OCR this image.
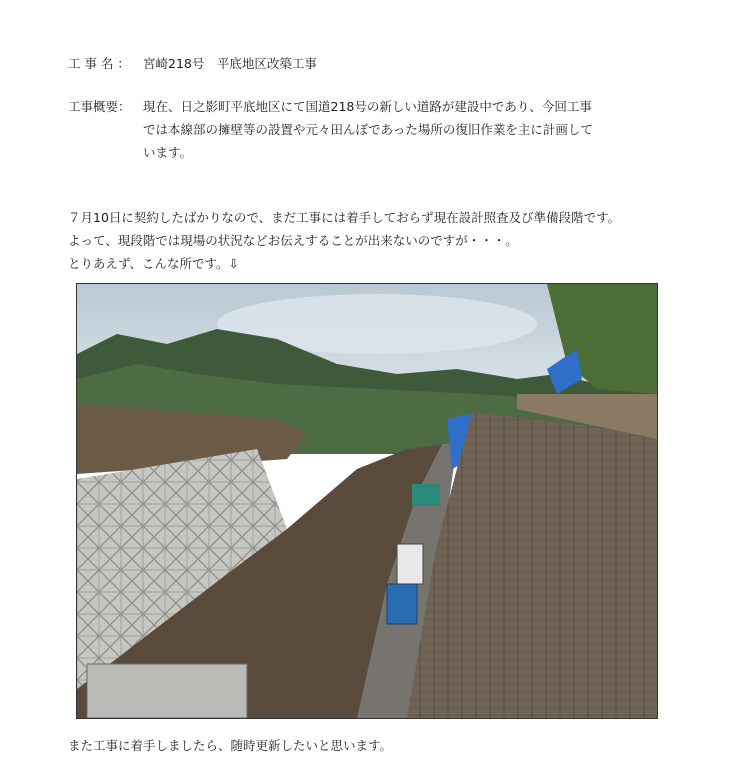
工 事 名 ： 宮崎218号　平底地区改築工事
工事概要： 現在、日之影町平底地区にて国道218号の新しい道路が建設中であり、今回工事
では本線部の擁壁等の設置や元々田んぼであった場所の復旧作業を主に計画して
います。
７月10日に契約したばかりなので、まだ工事には着手しておらず現在設計照査及び準備段階です。
よって、現段階では現場の状況などお伝えすることが出来ないのですが・・・。
とりあえず、こんな所です。⇩
また工事に着手しましたら、随時更新したいと思います。
